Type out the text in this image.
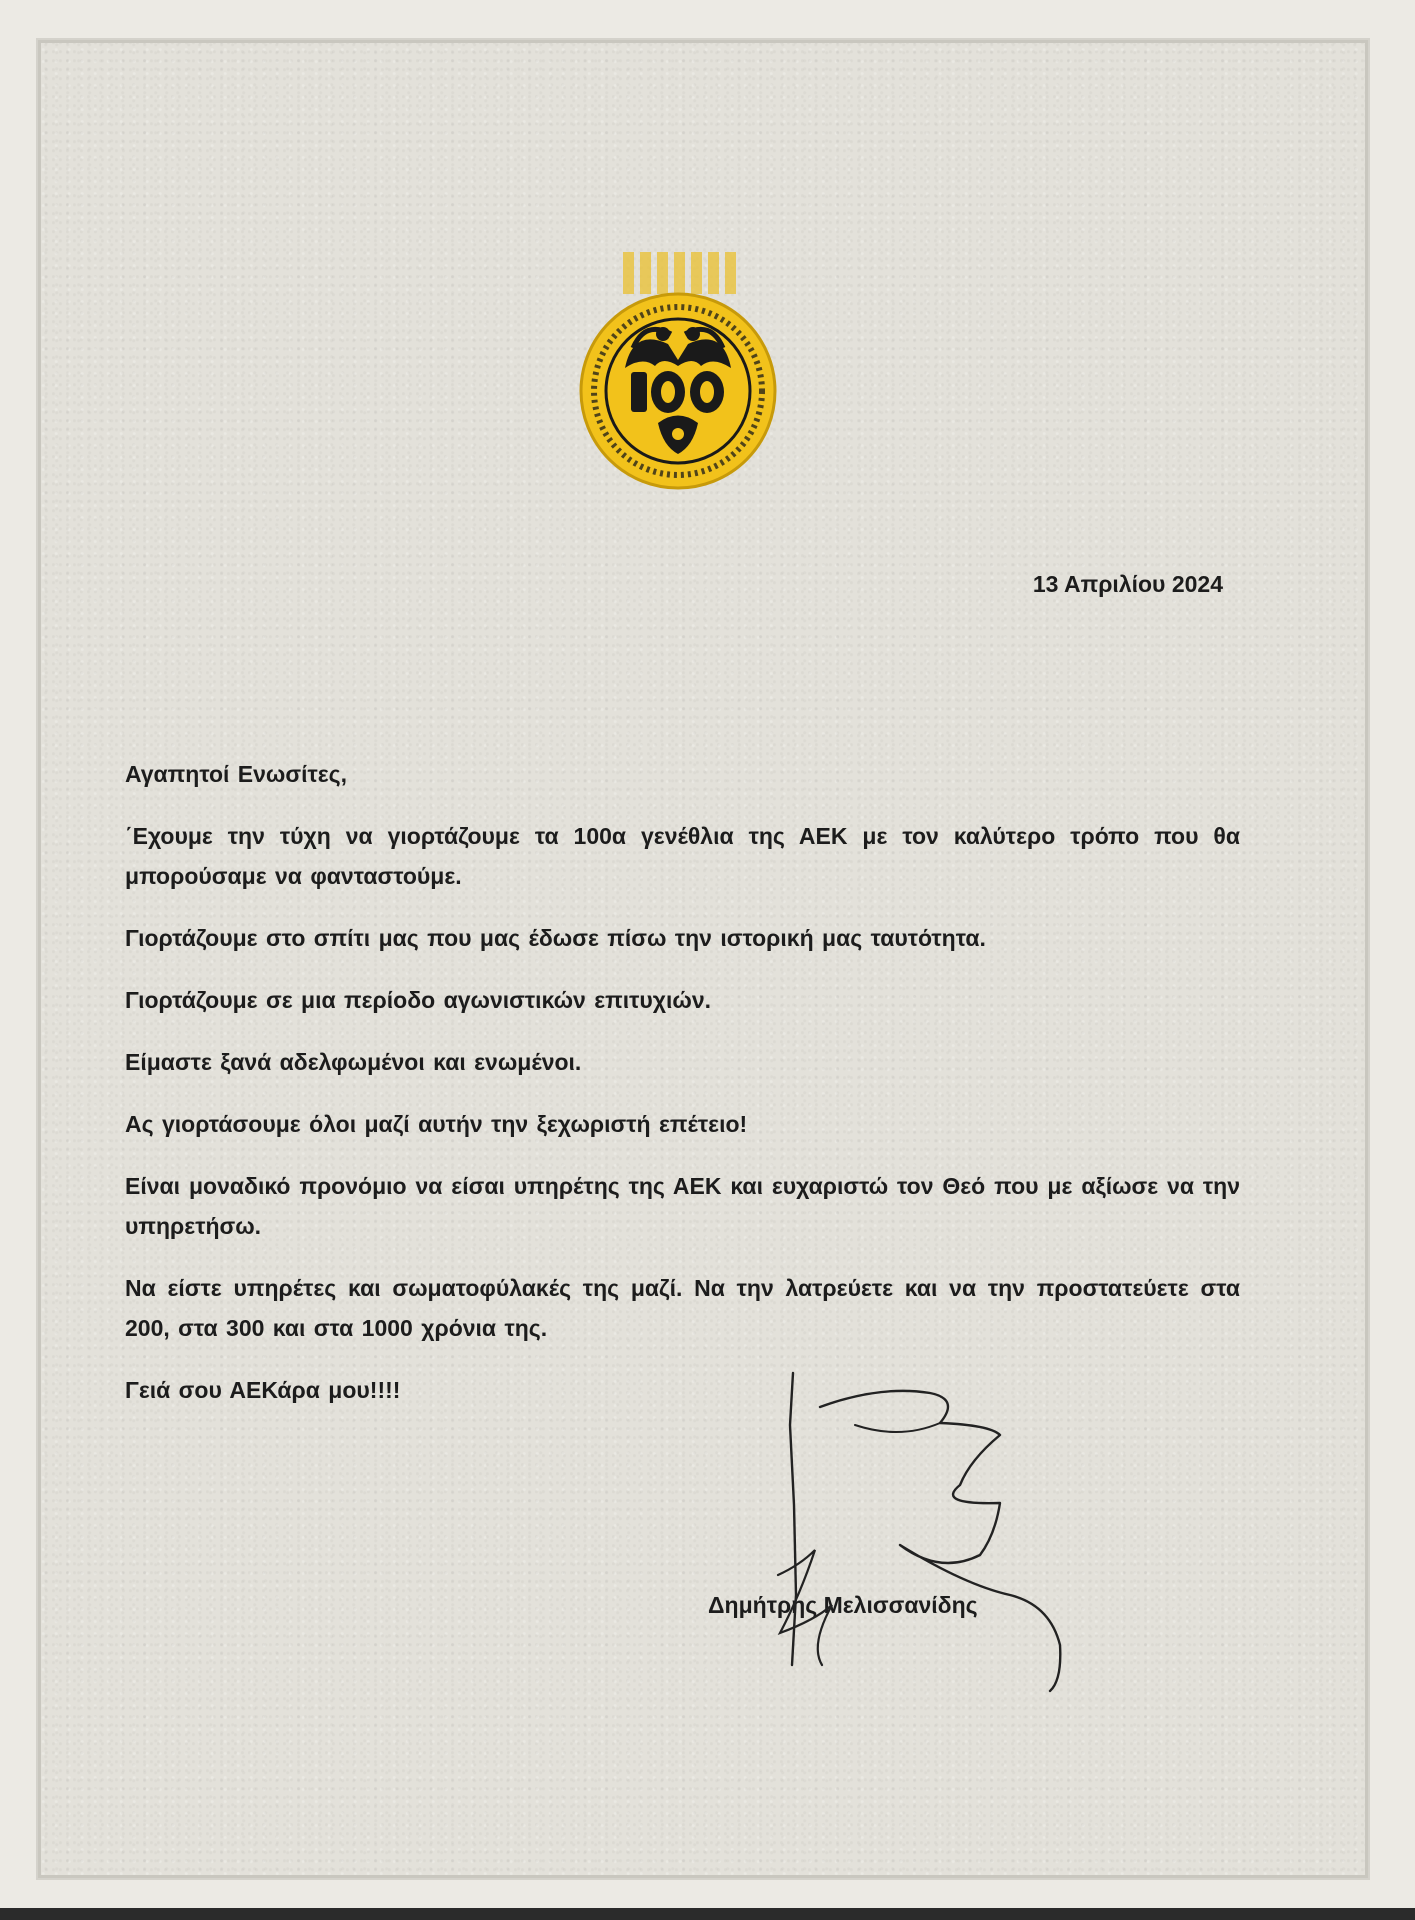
13 Απριλίου 2024

Αγαπητοί Ενωσίτες,

΄Εχουμε την τύχη να γιορτάζουμε τα 100α γενέθλια της ΑΕΚ με τον καλύτερο τρόπο που θα μπορούσαμε να φανταστούμε.

Γιορτάζουμε στο σπίτι μας που μας έδωσε πίσω την ιστορική μας ταυτότητα.

Γιορτάζουμε σε μια περίοδο αγωνιστικών επιτυχιών.

Είμαστε ξανά αδελφωμένοι και ενωμένοι.

Ας γιορτάσουμε όλοι μαζί αυτήν την ξεχωριστή επέτειο!

Είναι μοναδικό προνόμιο να είσαι υπηρέτης της ΑΕΚ και ευχαριστώ τον Θεό που με αξίωσε να την υπηρετήσω.

Να είστε υπηρέτες και σωματοφύλακές της μαζί. Να την λατρεύετε και να την προστατεύετε στα 200, στα 300 και στα 1000 χρόνια της.

Γειά σου ΑΕΚάρα μου!!!!

Δημήτρης Μελισσανίδης
